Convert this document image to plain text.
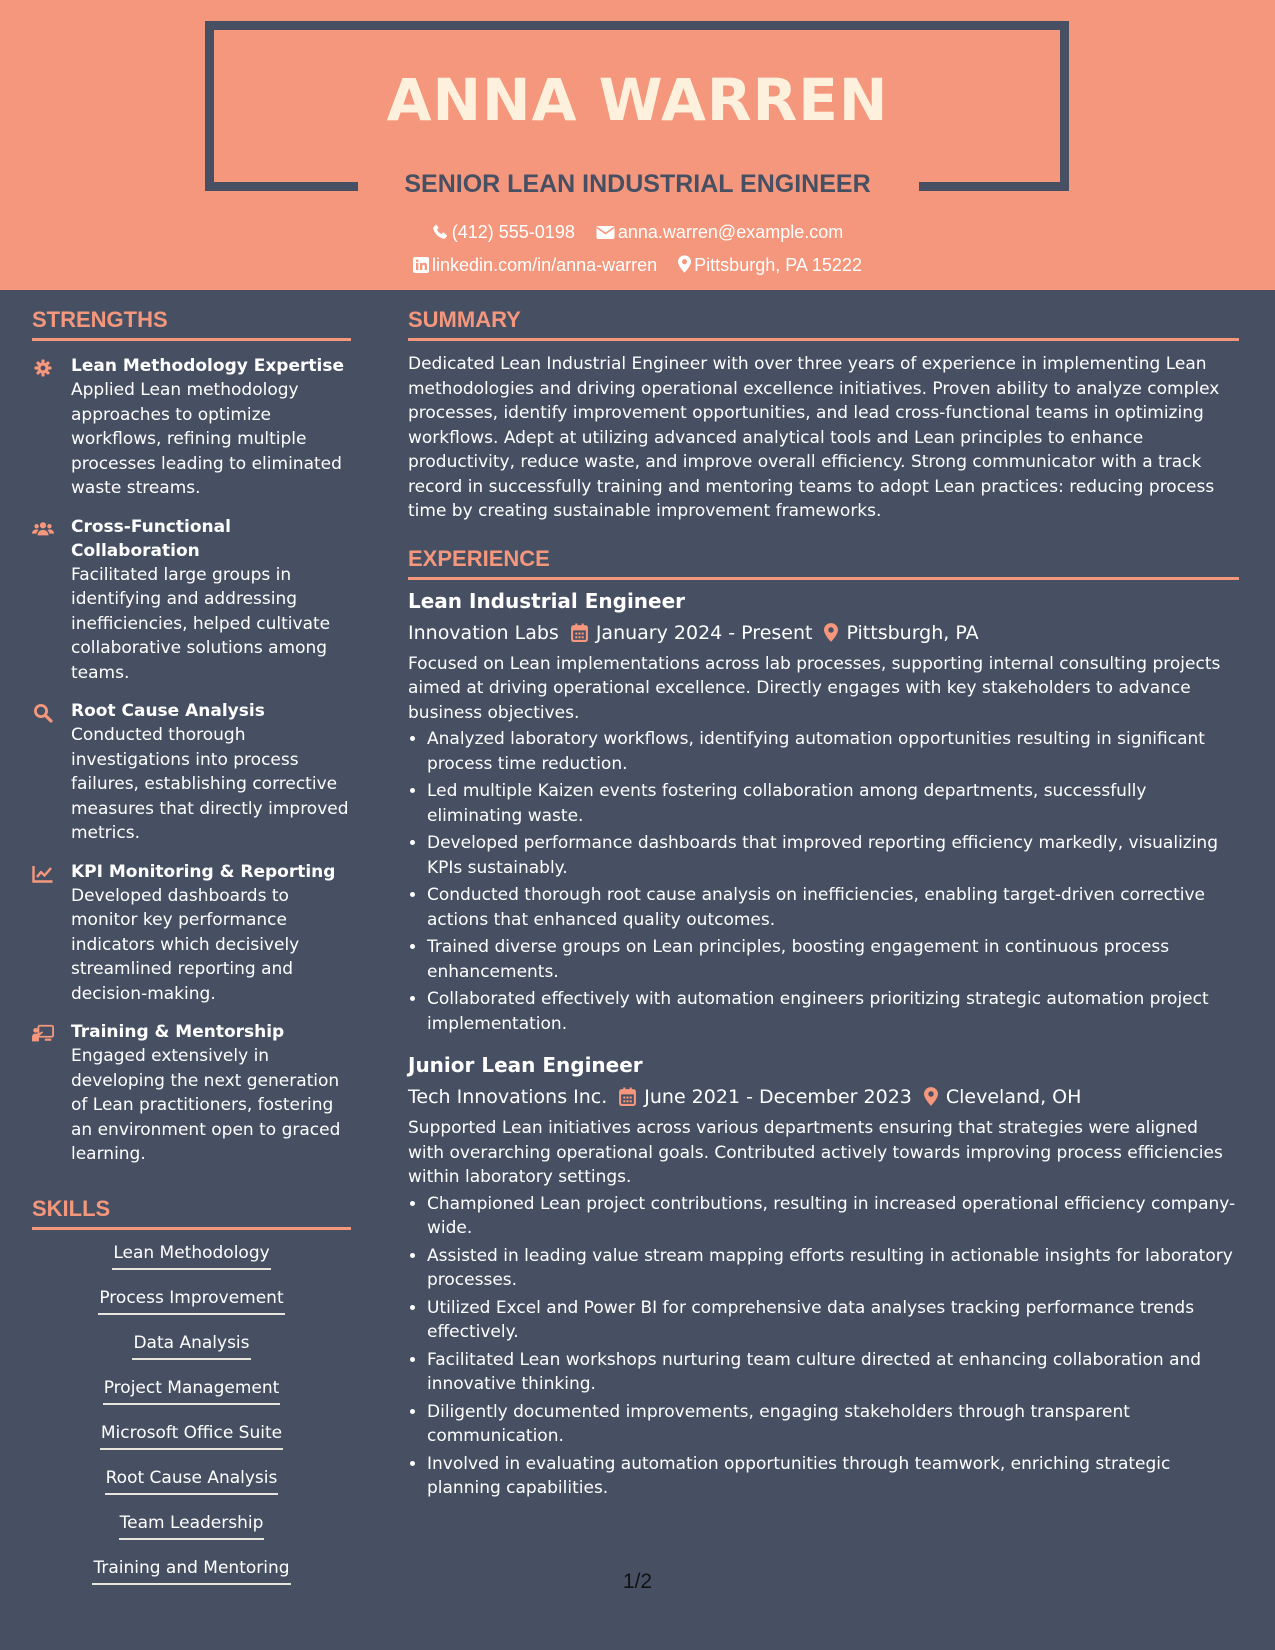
ANNA WARREN
SENIOR LEAN INDUSTRIAL ENGINEER
(412) 555-0198 anna.warren@example.com
linkedin.com/in/anna-warren Pittsburgh, PA 15222
STRENGTHS
Lean Methodology Expertise
Applied Lean methodology approaches to optimize workflows, refining multiple processes leading to eliminated waste streams.
Cross-Functional Collaboration
Facilitated large groups in identifying and addressing inefficiencies, helped cultivate collaborative solutions among teams.
Root Cause Analysis
Conducted thorough investigations into process failures, establishing corrective measures that directly improved metrics.
KPI Monitoring & Reporting
Developed dashboards to monitor key performance indicators which decisively streamlined reporting and decision-making.
Training & Mentorship
Engaged extensively in developing the next generation of Lean practitioners, fostering an environment open to graced learning.
SKILLS
Lean Methodology
Process Improvement
Data Analysis
Project Management
Microsoft Office Suite
Root Cause Analysis
Team Leadership
Training and Mentoring
SUMMARY

Dedicated Lean Industrial Engineer with over three years of experience in implementing Lean methodologies and driving operational excellence initiatives. Proven ability to analyze complex processes, identify improvement opportunities, and lead cross-functional teams in optimizing workflows. Adept at utilizing advanced analytical tools and Lean principles to enhance productivity, reduce waste, and improve overall efficiency. Strong communicator with a track record in successfully training and mentoring teams to adopt Lean practices: reducing process time by creating sustainable improvement frameworks.

EXPERIENCE
Lean Industrial Engineer
Innovation Labs January 2024 - Present Pittsburgh, PA
Focused on Lean implementations across lab processes, supporting internal consulting projects aimed at driving operational excellence. Directly engages with key stakeholders to advance business objectives.
• Analyzed laboratory workflows, identifying automation opportunities resulting in significant process time reduction.
• Led multiple Kaizen events fostering collaboration among departments, successfully eliminating waste.
• Developed performance dashboards that improved reporting efficiency markedly, visualizing KPIs sustainably.
• Conducted thorough root cause analysis on inefficiencies, enabling target-driven corrective actions that enhanced quality outcomes.
• Trained diverse groups on Lean principles, boosting engagement in continuous process enhancements.
• Collaborated effectively with automation engineers prioritizing strategic automation project implementation.
Junior Lean Engineer
Tech Innovations Inc. June 2021 - December 2023 Cleveland, OH
Supported Lean initiatives across various departments ensuring that strategies were aligned with overarching operational goals. Contributed actively towards improving process efficiencies within laboratory settings.
• Championed Lean project contributions, resulting in increased operational efficiency company-wide.
• Assisted in leading value stream mapping efforts resulting in actionable insights for laboratory processes.
• Utilized Excel and Power BI for comprehensive data analyses tracking performance trends effectively.
• Facilitated Lean workshops nurturing team culture directed at enhancing collaboration and innovative thinking.
• Diligently documented improvements, engaging stakeholders through transparent communication.
• Involved in evaluating automation opportunities through teamwork, enriching strategic planning capabilities.
1/2
